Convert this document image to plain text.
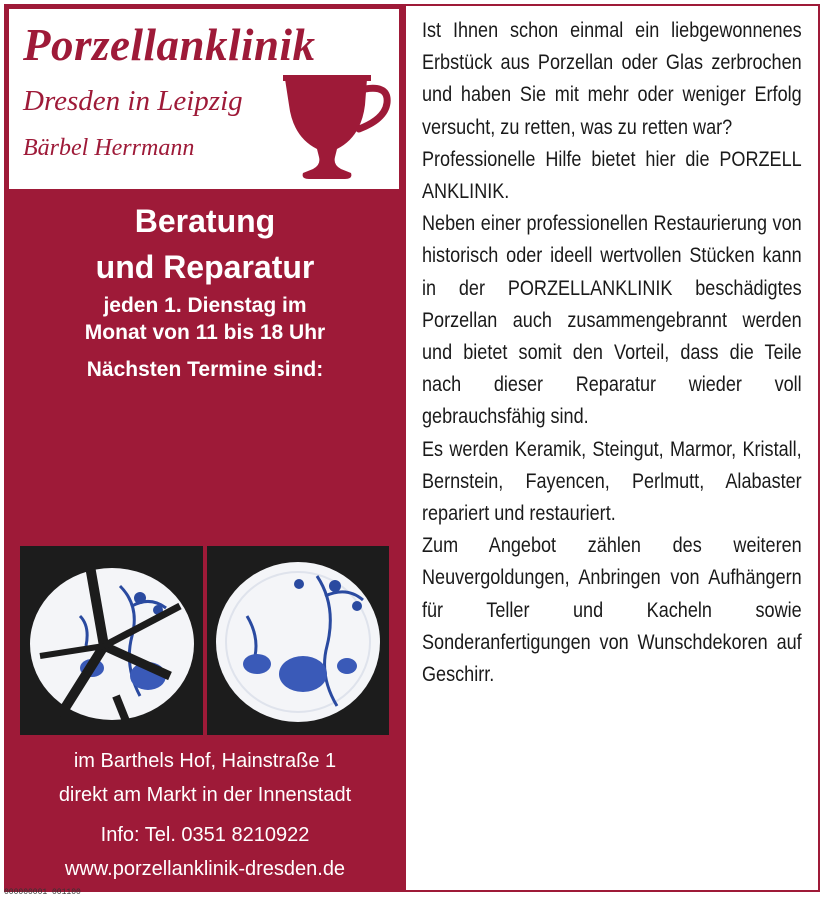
Porzellanklinik
Dresden in Leipzig
Bärbel Herrmann
Beratung
und Reparatur
jeden 1. Dienstag im
Monat von 11 bis 18 Uhr
Nächsten Termine sind:
im Barthels Hof, Hainstraße 1
direkt am Markt in der Innenstadt
Info: Tel. 0351 8210922
www.porzellanklinik-dresden.de

Ist Ihnen schon einmal ein liebgewonnenes Erbstück aus Porzellan oder Glas zerbrochen und haben Sie mit mehr oder weniger Erfolg versucht, zu retten, was zu retten war?

Professionelle Hilfe bietet hier die PORZELL ANKLINIK.

Neben einer professionellen Restaurierung von historisch oder ideell wertvollen Stücken kann in der PORZELLANKLINIK beschädigtes Porzellan auch zusammengebrannt werden und bietet somit den Vorteil, dass die Teile nach dieser Reparatur wieder voll gebrauchsfähig sind.

Es werden Keramik, Steingut, Marmor, Kristall, Bernstein, Fayencen, Perlmutt, Alabaster repariert und restauriert.

Zum Angebot zählen des weiteren Neuvergoldungen, Anbringen von Aufhängern für Teller und Kacheln sowie Sonderanfertigungen von Wunschdekoren auf Geschirr.

000000001 001100
